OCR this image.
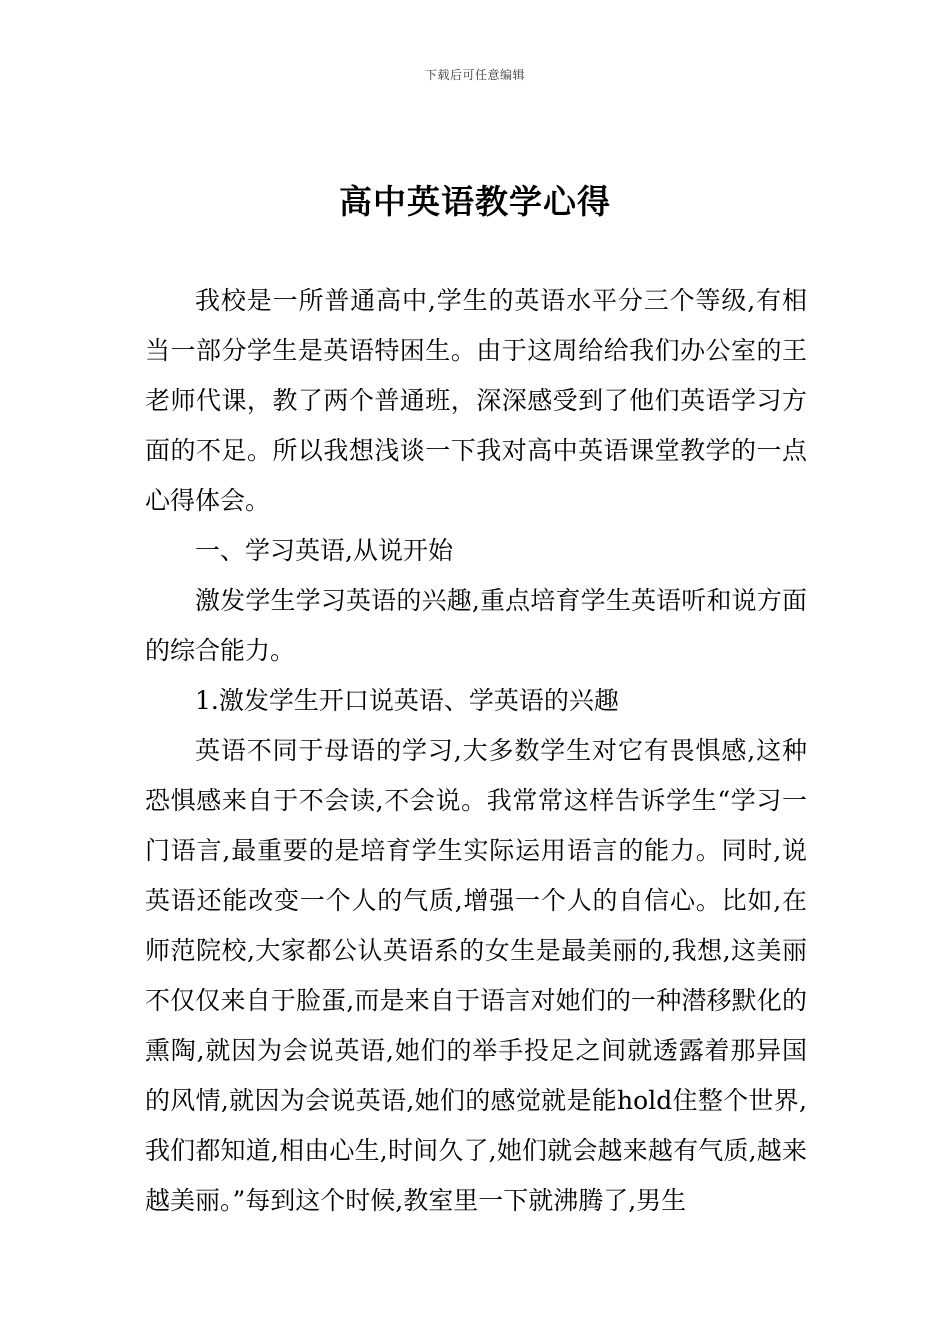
下载后可任意编辑
高中英语教学心得

我校是一所普通高中,学生的英语水平分三个等级,有相当一部分学生是英语特困生。由于这周给给我们办公室的王老师代课，教了两个普通班，深深感受到了他们英语学习方面的不足。所以我想浅谈一下我对高中英语课堂教学的一点心得体会。

一、学习英语,从说开始

激发学生学习英语的兴趣,重点培育学生英语听和说方面的综合能力。

1.激发学生开口说英语、学英语的兴趣

英语不同于母语的学习,大多数学生对它有畏惧感,这种恐惧感来自于不会读,不会说。我常常这样告诉学生“学习一门语言,最重要的是培育学生实际运用语言的能力。同时,说英语还能改变一个人的气质,增强一个人的自信心。比如,在师范院校,大家都公认英语系的女生是最美丽的,我想,这美丽不仅仅来自于脸蛋,而是来自于语言对她们的一种潜移默化的熏陶,就因为会说英语,她们的举手投足之间就透露着那异国的风情,就因为会说英语,她们的感觉就是能hold住整个世界,我们都知道,相由心生,时间久了,她们就会越来越有气质,越来越美丽。”每到这个时候,教室里一下就沸腾了,男生
